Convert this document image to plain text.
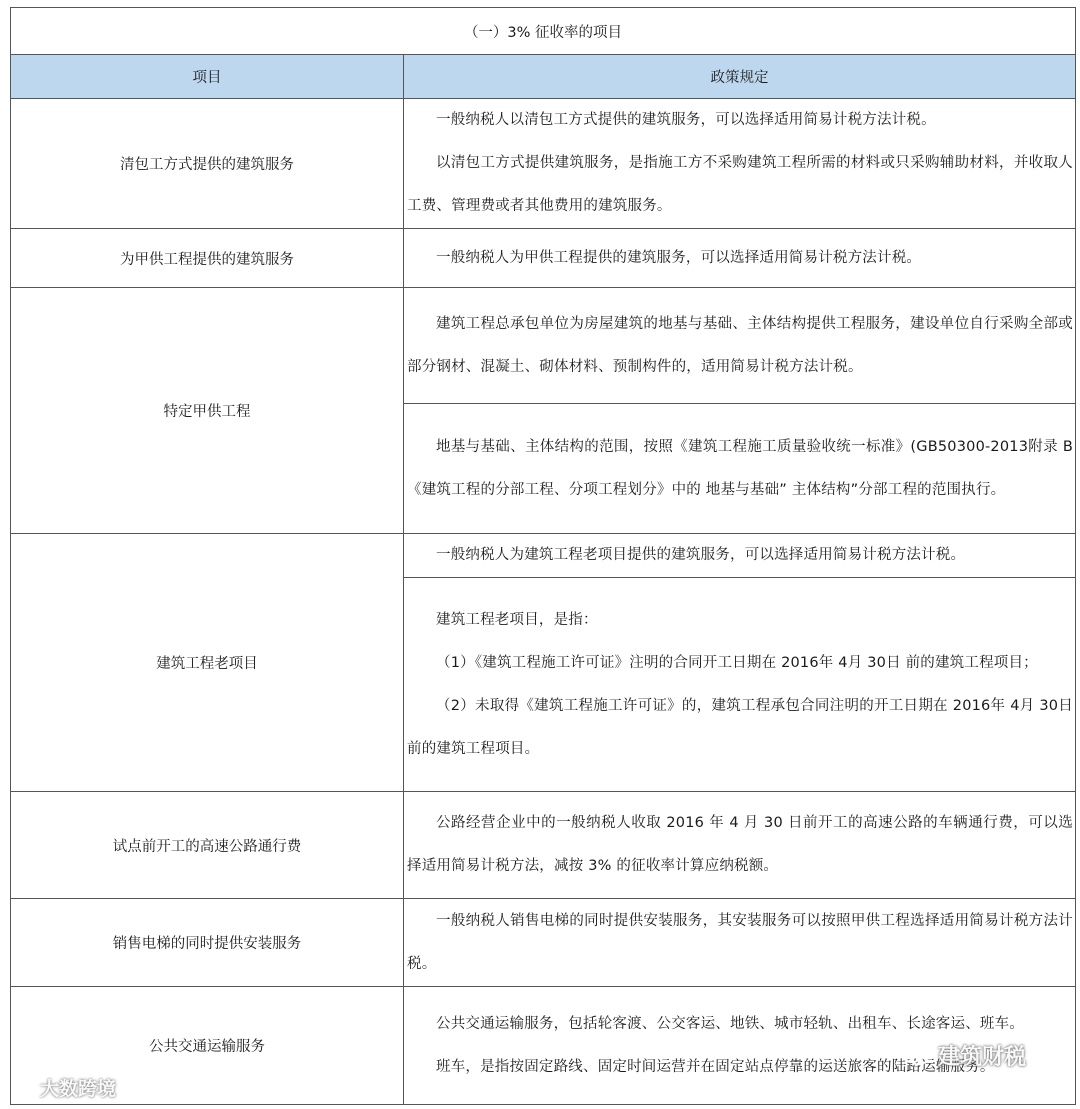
（一）3% 征收率的项目	
项目	政策规定
清包工方式提供的建筑服务	一般纳税人以清包工方式提供的建筑服务，可以选择适用简易计税方法计税。

以清包工方式提供建筑服务，是指施工方不采购建筑工程所需的材料或只采购辅助材料，并收取人工费、管理费或者其他费用的建筑服务。

为甲供工程提供的建筑服务	一般纳税人为甲供工程提供的建筑服务，可以选择适用简易计税方法计税。

特定甲供工程	建筑工程总承包单位为房屋建筑的地基与基础、主体结构提供工程服务，建设单位自行采购全部或部分钢材、混凝土、砌体材料、预制构件的，适用简易计税方法计税。

	地基与基础、主体结构的范围，按照《建筑工程施工质量验收统一标准》(GB50300-2013附录 B《建筑工程的分部工程、分项工程划分》中的 地基与基础” 主体结构”分部工程的范围执行。

建筑工程老项目	一般纳税人为建筑工程老项目提供的建筑服务，可以选择适用简易计税方法计税。

	建筑工程老项目，是指：

（1）《建筑工程施工许可证》注明的合同开工日期在 2016年 4月 30日 前的建筑工程项目；

（2）未取得《建筑工程施工许可证》的，建筑工程承包合同注明的开工日期在 2016年 4月 30日 前的建筑工程项目。

试点前开工的高速公路通行费	公路经营企业中的一般纳税人收取 2016 年 4 月 30 日前开工的高速公路的车辆通行费，可以选择适用简易计税方法，减按 3% 的征收率计算应纳税额。

销售电梯的同时提供安装服务	一般纳税人销售电梯的同时提供安装服务，其安装服务可以按照甲供工程选择适用简易计税方法计税。

公共交通运输服务	公共交通运输服务，包括轮客渡、公交客运、地铁、城市轻轨、出租车、长途客运、班车。

班车，是指按固定路线、固定时间运营并在固定站点停靠的运送旅客的陆路运输服务。

大数跨境
建筑财税
